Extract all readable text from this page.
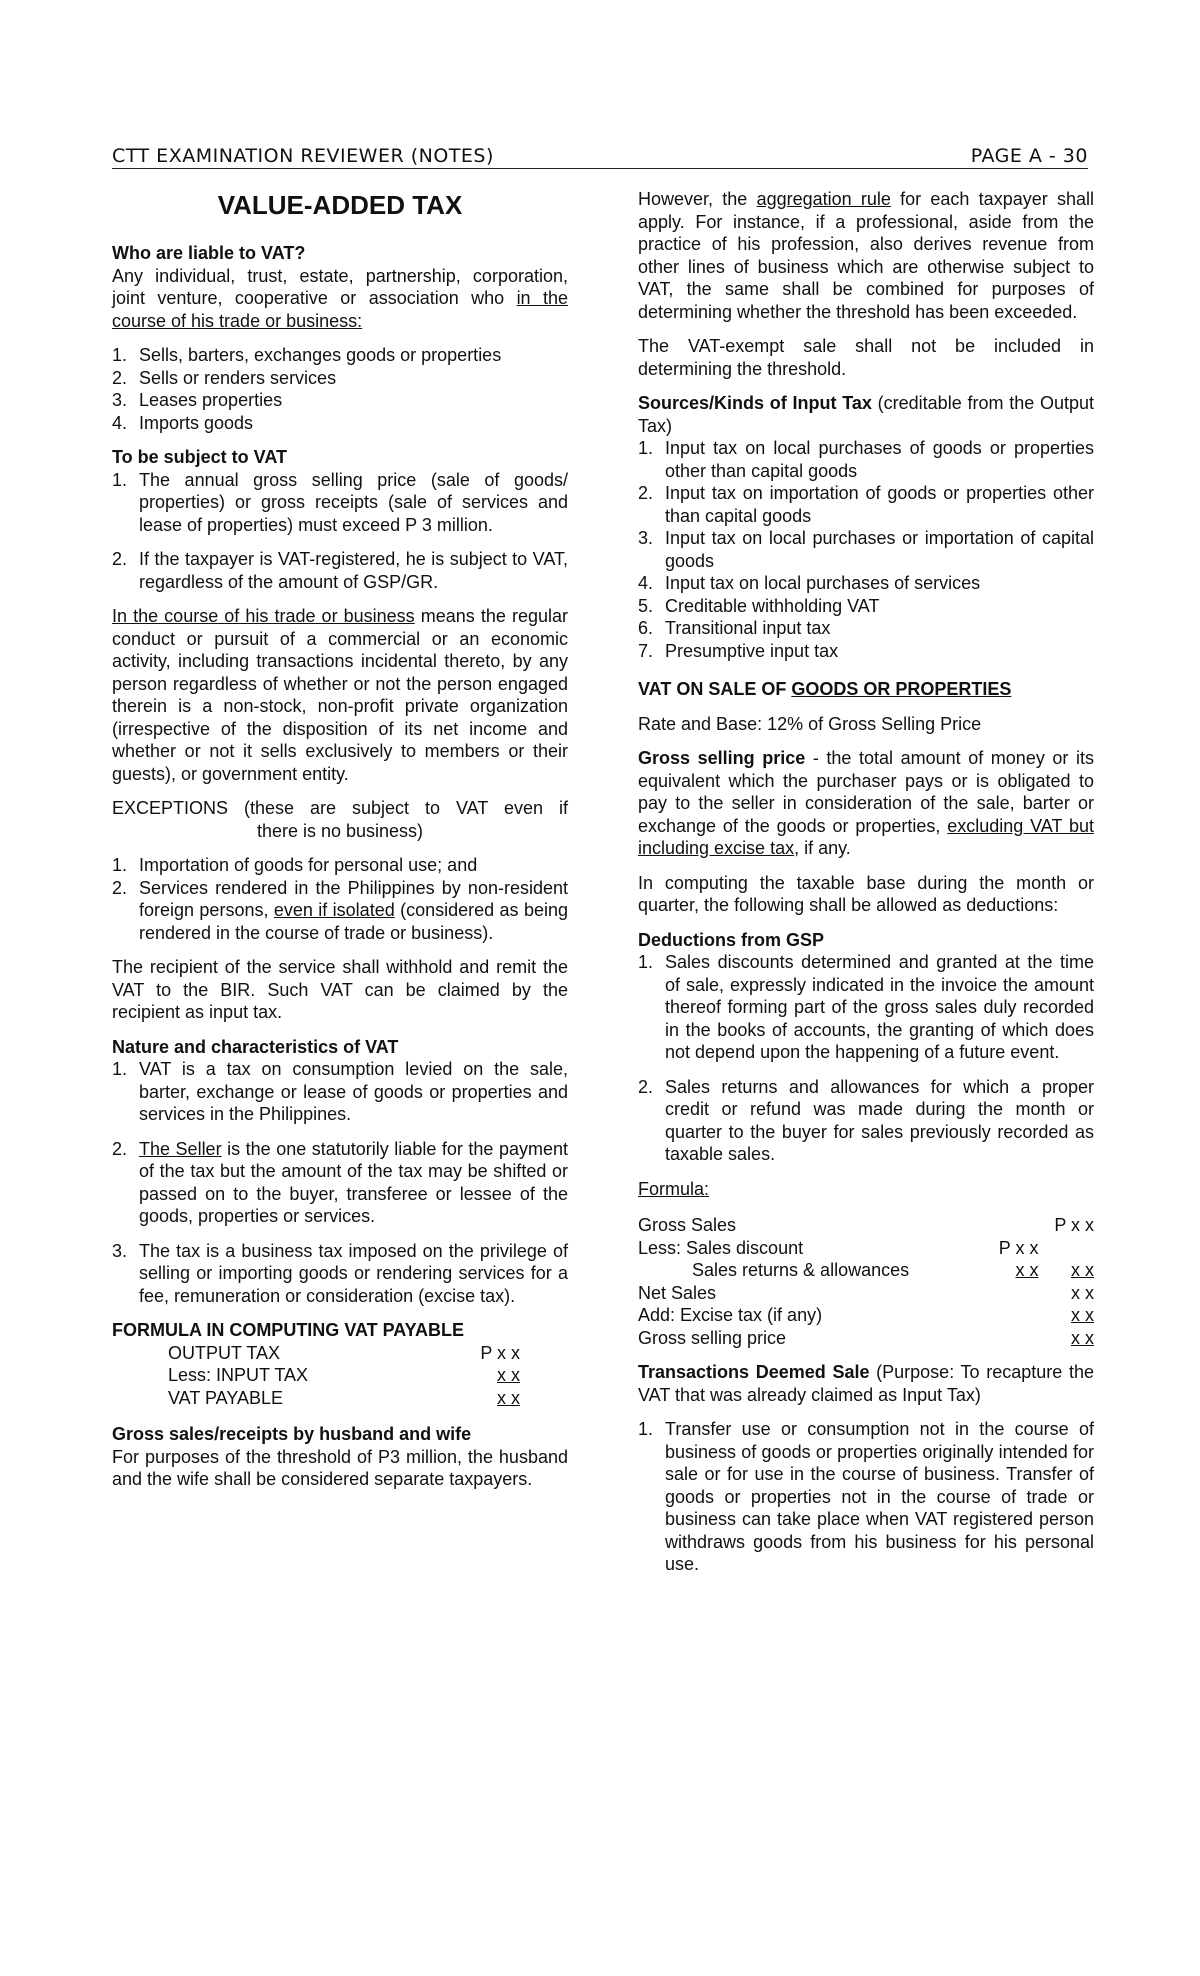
CTT EXAMINATION REVIEWER (NOTES)	PAGE A - 30
VALUE-ADDED TAX

Who are liable to VAT?

Any individual, trust, estate, partnership, corporation, joint venture, cooperative or association who in the course of his trade or business:

1. Sells, barters, exchanges goods or properties
2. Sells or renders services
3. Leases properties
4. Imports goods

To be subject to VAT

1. The annual gross selling price (sale of goods/ properties) or gross receipts (sale of services and lease of properties) must exceed P 3 million.
2. If the taxpayer is VAT-registered, he is subject to VAT, regardless of the amount of GSP/GR.

In the course of his trade or business means the regular conduct or pursuit of a commercial or an economic activity, including transactions incidental thereto, by any person regardless of whether or not the person engaged therein is a non-stock, non-profit private organization (irrespective of the disposition of its net income and whether or not it sells exclusively to members or their guests), or government entity.

EXCEPTIONS (these are subject to VAT even if
there is no business)
1. Importation of goods for personal use; and
2. Services rendered in the Philippines by non-resident foreign persons, even if isolated (considered as being rendered in the course of trade or business).

The recipient of the service shall withhold and remit the VAT to the BIR. Such VAT can be claimed by the recipient as input tax.

Nature and characteristics of VAT

1. VAT is a tax on consumption levied on the sale, barter, exchange or lease of goods or properties and services in the Philippines.
2. The Seller is the one statutorily liable for the payment of the tax but the amount of the tax may be shifted or passed on to the buyer, transferee or lessee of the goods, properties or services.
3. The tax is a business tax imposed on the privilege of selling or importing goods or rendering services for a fee, remuneration or consideration (excise tax).

FORMULA IN COMPUTING VAT PAYABLE

OUTPUT TAX	P x x
Less: INPUT TAX	x x
VAT PAYABLE	x x

Gross sales/receipts by husband and wife

For purposes of the threshold of P3 million, the husband and the wife shall be considered separate taxpayers.

However, the aggregation rule for each taxpayer shall apply. For instance, if a professional, aside from the practice of his profession, also derives revenue from other lines of business which are otherwise subject to VAT, the same shall be combined for purposes of determining whether the threshold has been exceeded.

The VAT-exempt sale shall not be included in determining the threshold.

Sources/Kinds of Input Tax (creditable from the Output Tax)

1. Input tax on local purchases of goods or properties other than capital goods
2. Input tax on importation of goods or properties other than capital goods
3. Input tax on local purchases or importation of capital goods
4. Input tax on local purchases of services
5. Creditable withholding VAT
6. Transitional input tax
7. Presumptive input tax

VAT ON SALE OF GOODS OR PROPERTIES

Rate and Base: 12% of Gross Selling Price

Gross selling price - the total amount of money or its equivalent which the purchaser pays or is obligated to pay to the seller in consideration of the sale, barter or exchange of the goods or properties, excluding VAT but including excise tax, if any.

In computing the taxable base during the month or quarter, the following shall be allowed as deductions:

Deductions from GSP

1. Sales discounts determined and granted at the time of sale, expressly indicated in the invoice the amount thereof forming part of the gross sales duly recorded in the books of accounts, the granting of which does not depend upon the happening of a future event.
2. Sales returns and allowances for which a proper credit or refund was made during the month or quarter to the buyer for sales previously recorded as taxable sales.

Formula:

Gross Sales		P x x
Less: Sales discount	P x x	
Sales returns & allowances	x x	x x
Net Sales		x x
Add: Excise tax (if any)		x x
Gross selling price		x x

Transactions Deemed Sale (Purpose: To recapture the VAT that was already claimed as Input Tax)

1. Transfer use or consumption not in the course of business of goods or properties originally intended for sale or for use in the course of business. Transfer of goods or properties not in the course of trade or business can take place when VAT registered person withdraws goods from his business for his personal use.
